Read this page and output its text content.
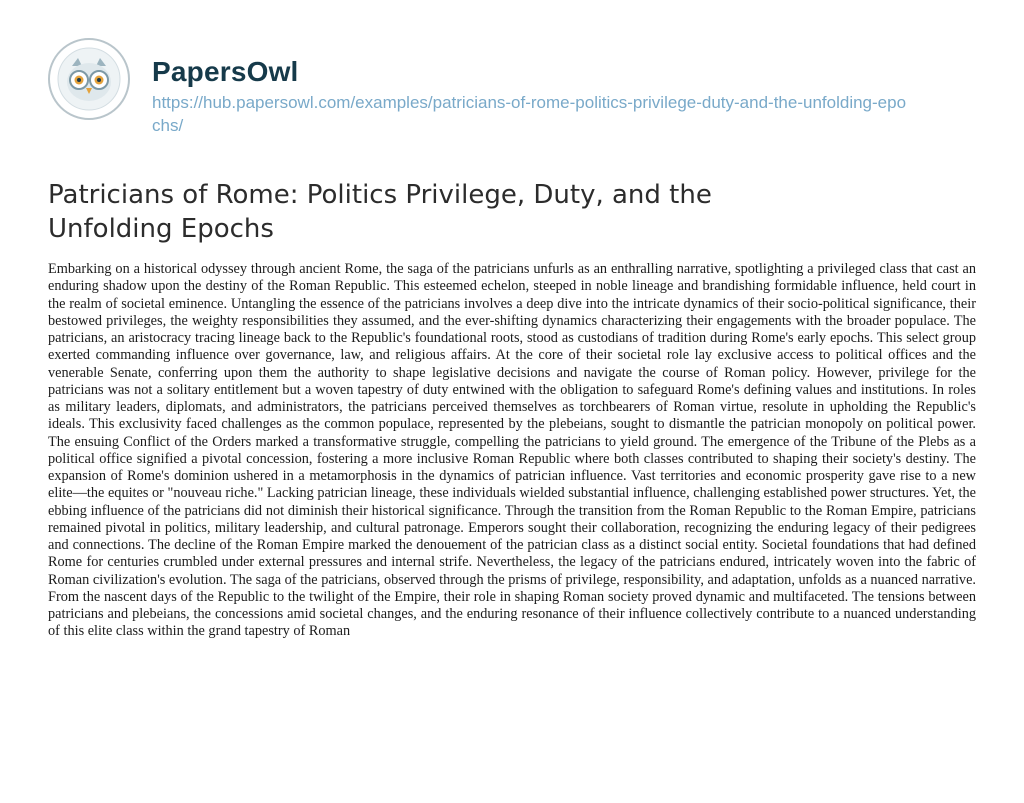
PapersOwl
https://hub.papersowl.com/examples/patricians-of-rome-politics-privilege-duty-and-the-unfolding-epochs/
Patricians of Rome: Politics Privilege, Duty, and the Unfolding Epochs

Embarking on a historical odyssey through ancient Rome, the saga of the patricians unfurls as an enthralling narrative, spotlighting a privileged class that cast an enduring shadow upon the destiny of the Roman Republic. This esteemed echelon, steeped in noble lineage and brandishing formidable influence, held court in the realm of societal eminence. Untangling the essence of the patricians involves a deep dive into the intricate dynamics of their socio-political significance, their bestowed privileges, the weighty responsibilities they assumed, and the ever-shifting dynamics characterizing their engagements with the broader populace. The patricians, an aristocracy tracing lineage back to the Republic's foundational roots, stood as custodians of tradition during Rome's early epochs. This select group exerted commanding influence over governance, law, and religious affairs. At the core of their societal role lay exclusive access to political offices and the venerable Senate, conferring upon them the authority to shape legislative decisions and navigate the course of Roman policy. However, privilege for the patricians was not a solitary entitlement but a woven tapestry of duty entwined with the obligation to safeguard Rome's defining values and institutions. In roles as military leaders, diplomats, and administrators, the patricians perceived themselves as torchbearers of Roman virtue, resolute in upholding the Republic's ideals. This exclusivity faced challenges as the common populace, represented by the plebeians, sought to dismantle the patrician monopoly on political power. The ensuing Conflict of the Orders marked a transformative struggle, compelling the patricians to yield ground. The emergence of the Tribune of the Plebs as a political office signified a pivotal concession, fostering a more inclusive Roman Republic where both classes contributed to shaping their society's destiny. The expansion of Rome's dominion ushered in a metamorphosis in the dynamics of patrician influence. Vast territories and economic prosperity gave rise to a new elite—the equites or "nouveau riche." Lacking patrician lineage, these individuals wielded substantial influence, challenging established power structures. Yet, the ebbing influence of the patricians did not diminish their historical significance. Through the transition from the Roman Republic to the Roman Empire, patricians remained pivotal in politics, military leadership, and cultural patronage. Emperors sought their collaboration, recognizing the enduring legacy of their pedigrees and connections. The decline of the Roman Empire marked the denouement of the patrician class as a distinct social entity. Societal foundations that had defined Rome for centuries crumbled under external pressures and internal strife. Nevertheless, the legacy of the patricians endured, intricately woven into the fabric of Roman civilization's evolution. The saga of the patricians, observed through the prisms of privilege, responsibility, and adaptation, unfolds as a nuanced narrative. From the nascent days of the Republic to the twilight of the Empire, their role in shaping Roman society proved dynamic and multifaceted. The tensions between patricians and plebeians, the concessions amid societal changes, and the enduring resonance of their influence collectively contribute to a nuanced understanding of this elite class within the grand tapestry of Roman
